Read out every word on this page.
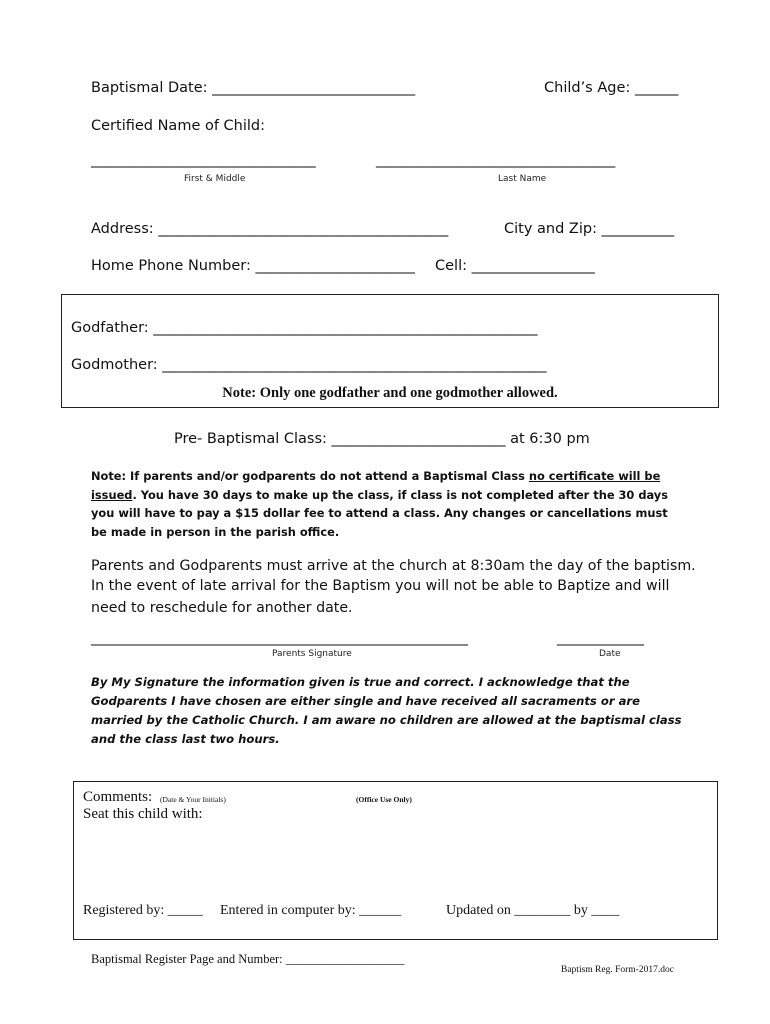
Baptismal Date: ____________________________	Child’s Age: ______
Certified Name of Child:
_______________________________	_________________________________
First & Middle	Last Name
Address: ________________________________________	City and Zip: __________
Home Phone Number: ______________________ Cell: _________________
Godfather: _____________________________________________________
Godmother: _____________________________________________________
Note: Only one godfather and one godmother allowed.
Pre- Baptismal Class: ________________________ at 6:30 pm
Note: If parents and/or godparents do not attend a Baptismal Class no certificate will be issued. You have 30 days to make up the class, if class is not completed after the 30 days you will have to pay a $15 dollar fee to attend a class. Any changes or cancellations must be made in person in the parish office.
Parents and Godparents must arrive at the church at 8:30am the day of the baptism.
In the event of late arrival for the Baptism you will not be able to Baptize and will need to reschedule for another date.
____________________________________________________	____________
Parents Signature	Date
By My Signature the information given is true and correct. I acknowledge that the Godparents I have chosen are either single and have received all sacraments or are married by the Catholic Church. I am aware no children are allowed at the baptismal class and the class last two hours.
Comments: (Date & Your Initials)	(Office Use Only)
Seat this child with:
Registered by: _____ Entered in computer by: ______	Updated on ________ by ____
Baptismal Register Page and Number: ___________________
Baptism Reg. Form-2017.doc
